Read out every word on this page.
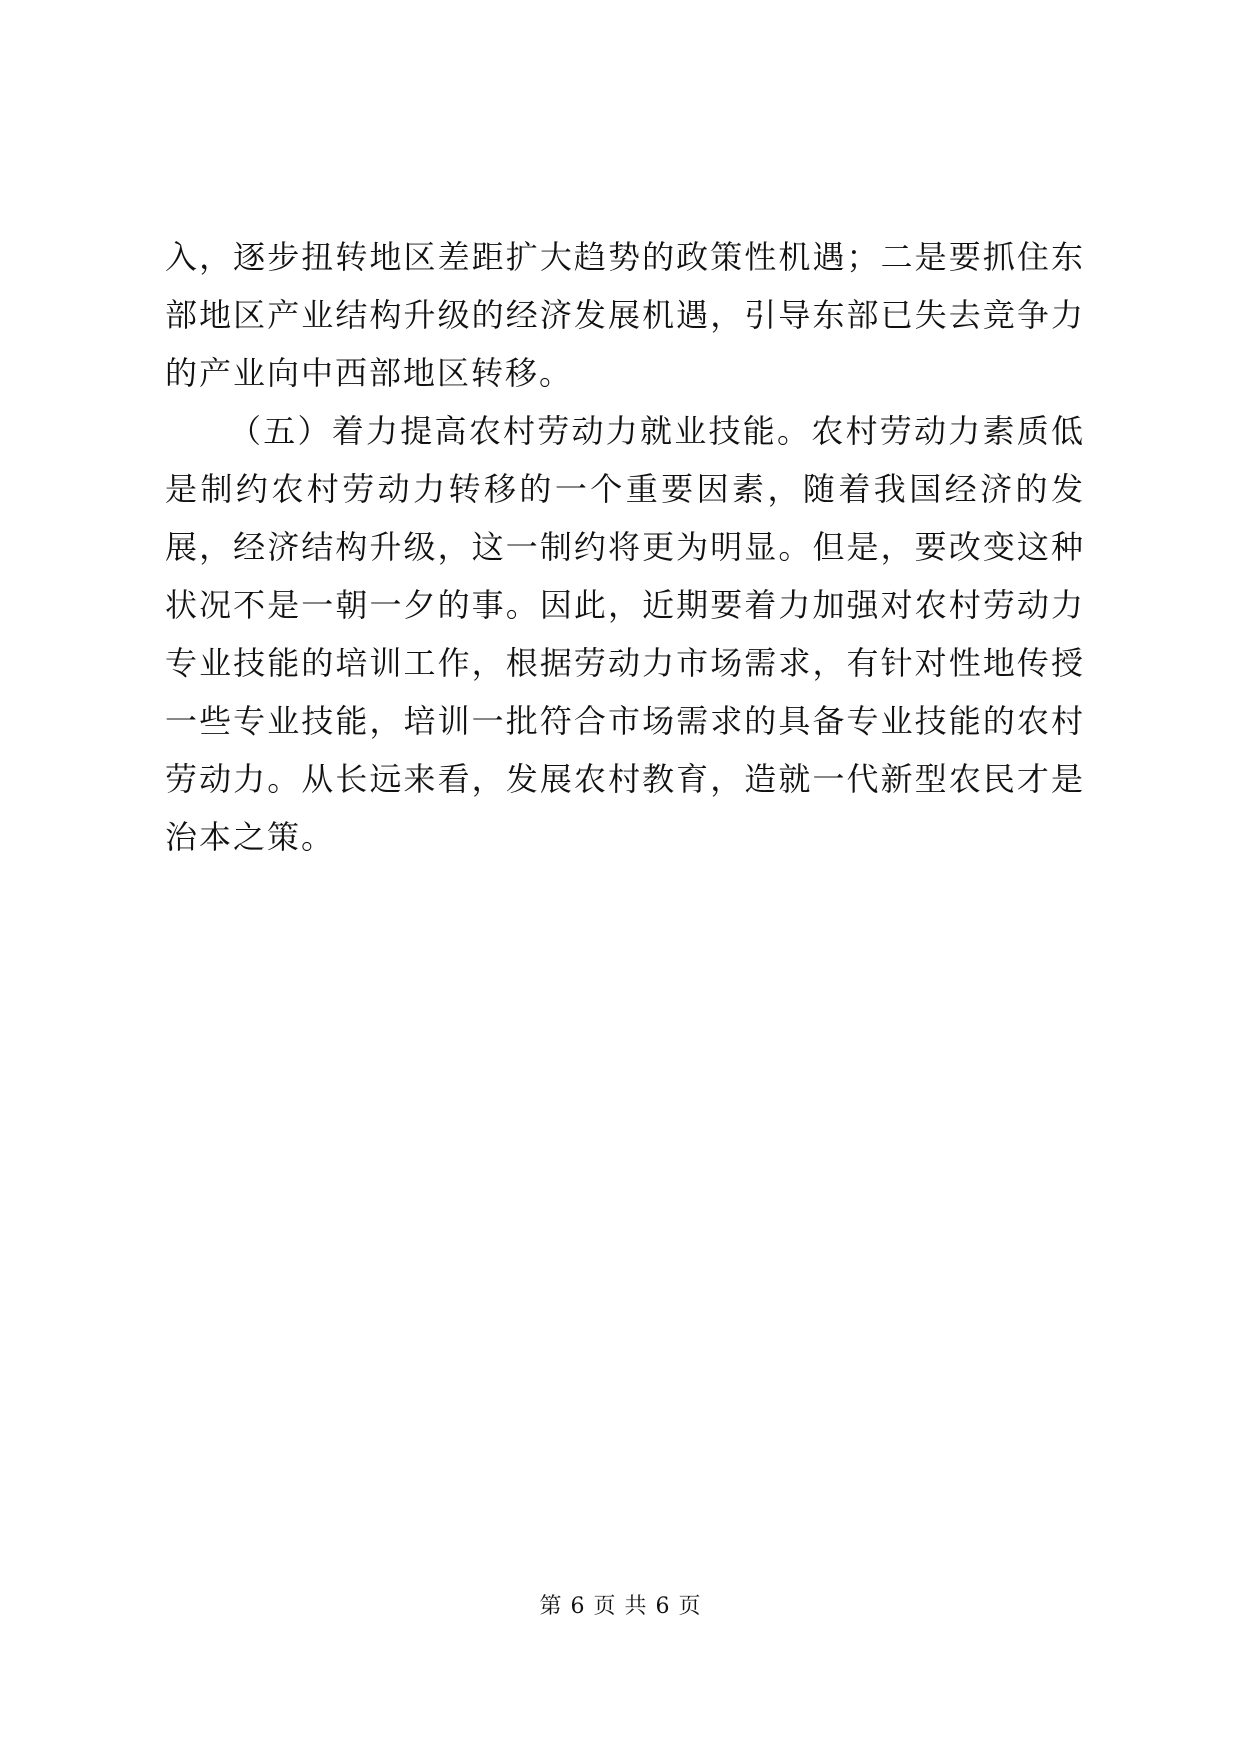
入，逐步扭转地区差距扩大趋势的政策性机遇；二是要抓住东部地区产业结构升级的经济发展机遇，引导东部已失去竞争力的产业向中西部地区转移。

（五）着力提高农村劳动力就业技能。农村劳动力素质低是制约农村劳动力转移的一个重要因素，随着我国经济的发展，经济结构升级，这一制约将更为明显。但是，要改变这种状况不是一朝一夕的事。因此，近期要着力加强对农村劳动力专业技能的培训工作，根据劳动力市场需求，有针对性地传授一些专业技能，培训一批符合市场需求的具备专业技能的农村劳动力。从长远来看，发展农村教育，造就一代新型农民才是治本之策。

第 6 页 共 6 页
